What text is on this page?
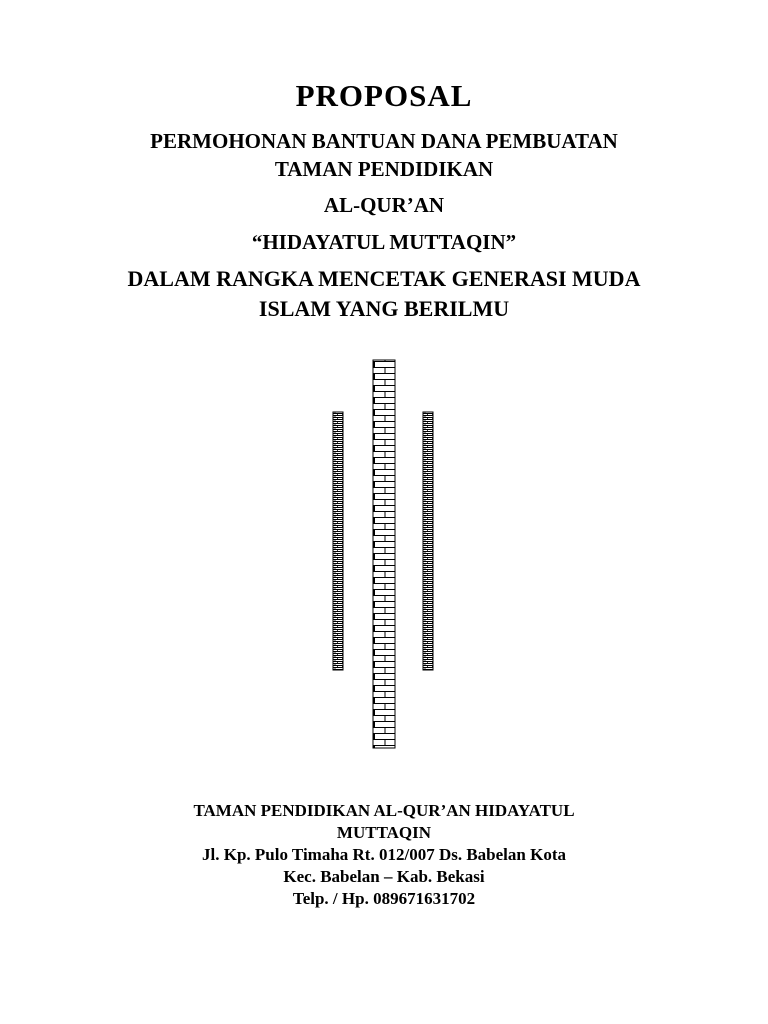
PROPOSAL
PERMOHONAN BANTUAN DANA PEMBUATAN
TAMAN PENDIDIKAN
AL-QUR’AN
“HIDAYATUL MUTTAQIN”
DALAM RANGKA MENCETAK GENERASI MUDA
ISLAM YANG BERILMU
TAMAN PENDIDIKAN AL-QUR’AN HIDAYATUL
MUTTAQIN
Jl. Kp. Pulo Timaha Rt. 012/007 Ds. Babelan Kota
Kec. Babelan – Kab. Bekasi
Telp. / Hp. 089671631702
